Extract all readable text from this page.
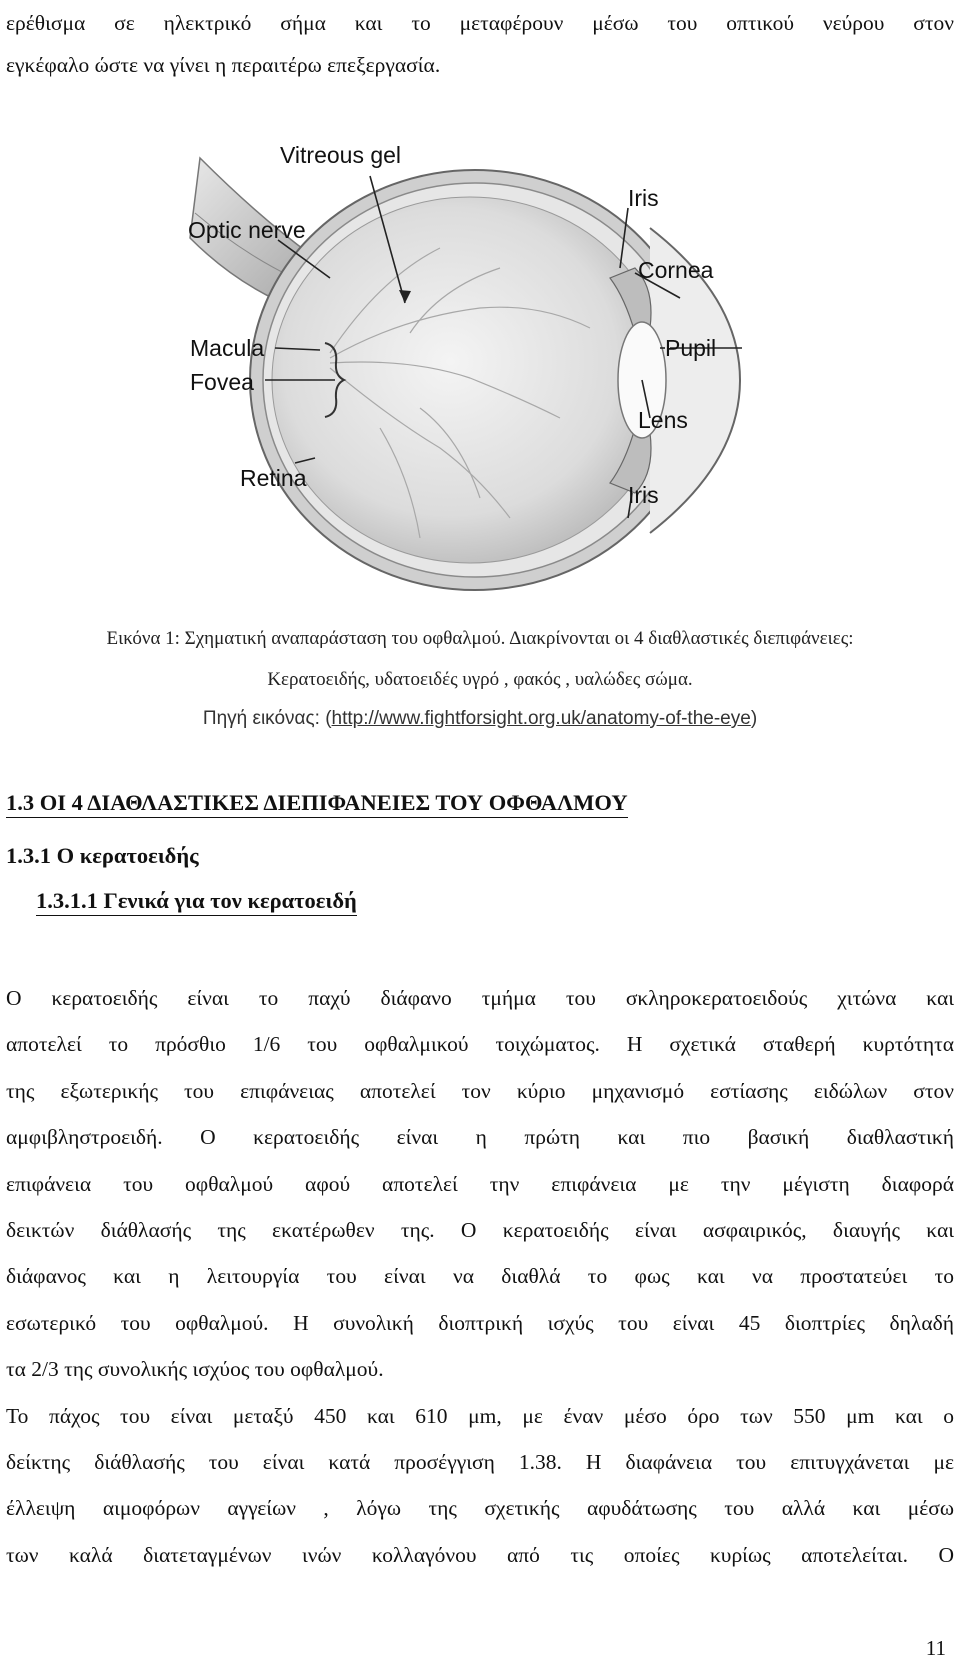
ερέθισμα σε ηλεκτρικό σήμα και το μεταφέρουν μέσω του οπτικού νεύρου στον
εγκέφαλο ώστε να γίνει η περαιτέρω επεξεργασία.
Vitreous gel
Optic nerve
Macula
Fovea
Retina
Iris
Cornea
Pupil
Lens
Iris
Εικόνα 1: Σχηματική αναπαράσταση του οφθαλμού. Διακρίνονται οι 4 διαθλαστικές διεπιφάνειες:
Κερατοειδής, υδατοειδές υγρό , φακός , υαλώδες σώμα.
Πηγή εικόνας: (http://www.fightforsight.org.uk/anatomy-of-the-eye)
1.3 ΟΙ 4 ΔΙΑΘΛΑΣΤΙΚΕΣ ΔΙΕΠΙΦΑΝΕΙΕΣ ΤΟΥ ΟΦΘΑΛΜΟΥ
1.3.1 Ο κερατοειδής
1.3.1.1 Γενικά για τον κερατοειδή
Ο κερατοειδής είναι το παχύ διάφανο τμήμα του σκληροκερατοειδούς χιτώνα και
αποτελεί το πρόσθιο 1/6 του οφθαλμικού τοιχώματος. Η σχετικά σταθερή κυρτότητα
της εξωτερικής του επιφάνειας αποτελεί τον κύριο μηχανισμό εστίασης ειδώλων στον
αμφιβληστροειδή. Ο κερατοειδής είναι η πρώτη και πιο βασική διαθλαστική
επιφάνεια του οφθαλμού αφού αποτελεί την επιφάνεια με την μέγιστη διαφορά
δεικτών διάθλασής της εκατέρωθεν της. Ο κερατοειδής είναι ασφαιρικός, διαυγής και
διάφανος και η λειτουργία του είναι να διαθλά το φως και να προστατεύει το
εσωτερικό του οφθαλμού. Η συνολική διοπτρική ισχύς του είναι 45 διοπτρίες δηλαδή
τα 2/3 της συνολικής ισχύος του οφθαλμού.
Το πάχος του είναι μεταξύ 450 και 610 μm, με έναν μέσο όρο των 550 μm και ο
δείκτης διάθλασής του είναι κατά προσέγγιση 1.38. Η διαφάνεια του επιτυγχάνεται με
έλλειψη αιμοφόρων αγγείων , λόγω της σχετικής αφυδάτωσης του αλλά και μέσω
των καλά διατεταγμένων ινών κολλαγόνου από τις οποίες κυρίως αποτελείται. Ο
11
